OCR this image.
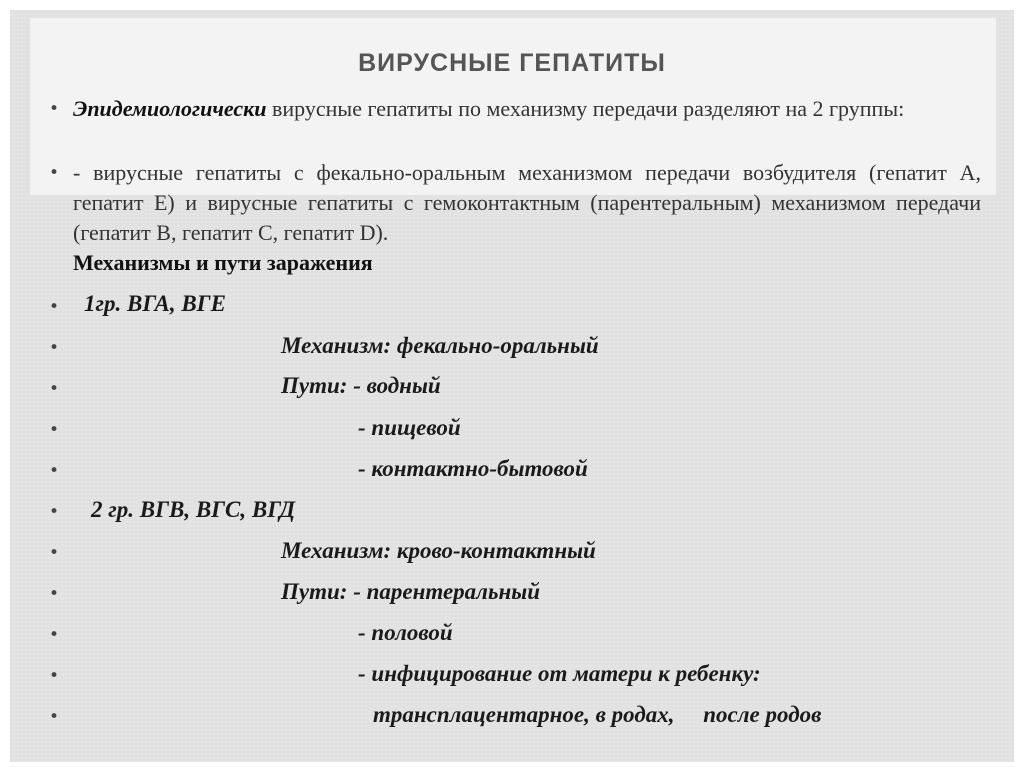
ВИРУСНЫЕ ГЕПАТИТЫ
• Эпидемиологически вирусные гепатиты по механизму передачи разделяют на 2 группы:
• - вирусные гепатиты с фекально-оральным механизмом передачи возбудителя (гепатит А, гепатит Е) и вирусные гепатиты с гемоконтактным (парентеральным) механизмом передачи (гепатит В, гепатит С, гепатит D).
Механизмы и пути заражения
• 1гр. ВГА, ВГЕ
•	Механизм: фекально-оральный
•	Пути: - водный
•	- пищевой
•	- контактно-бытовой
• 2 гр. ВГВ, ВГС, ВГД
•	Механизм: крово-контактный
•	Пути: - парентеральный
•	- половой
•	- инфицирование от матери к ребенку:
•	трансплацентарное, в родах,     после родов
